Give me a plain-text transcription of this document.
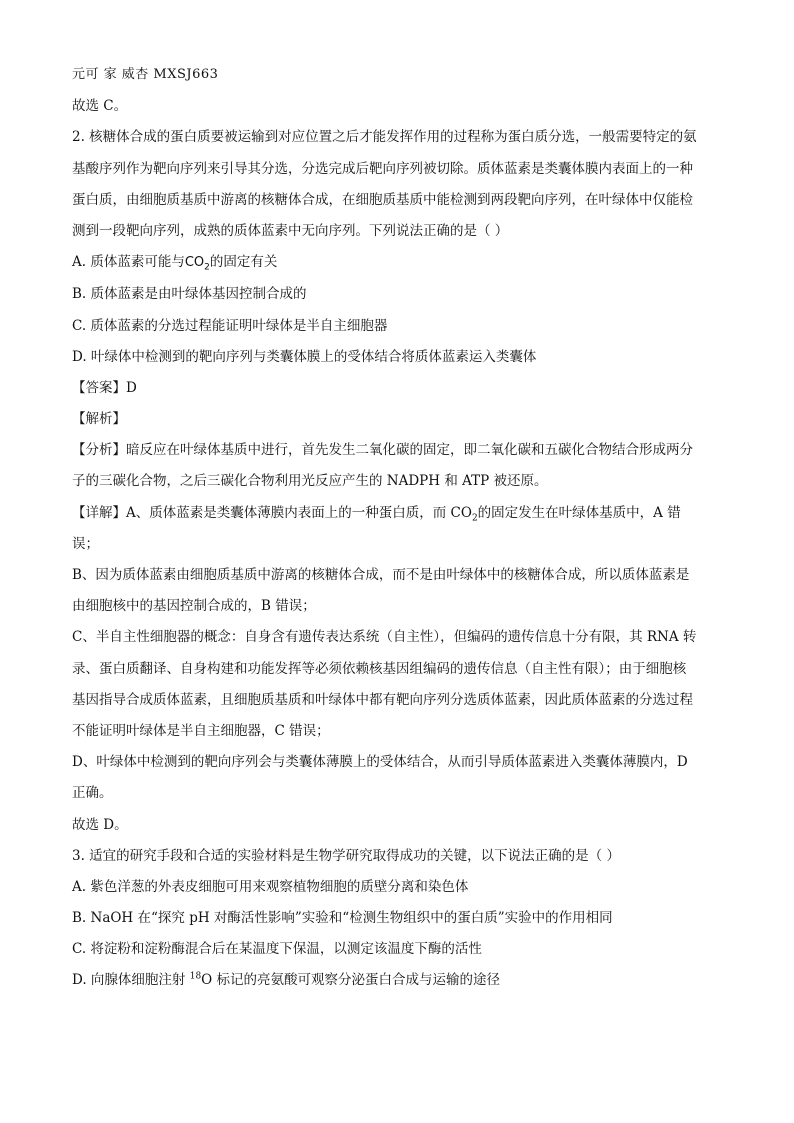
元可 家 威杏 MXSJ663
故选 C。
2. 核糖体合成的蛋白质要被运输到对应位置之后才能发挥作用的过程称为蛋白质分选，一般需要特定的氨
基酸序列作为靶向序列来引导其分选，分选完成后靶向序列被切除。质体蓝素是类囊体膜内表面上的一种
蛋白质，由细胞质基质中游离的核糖体合成，在细胞质基质中能检测到两段靶向序列，在叶绿体中仅能检
测到一段靶向序列，成熟的质体蓝素中无向序列。下列说法正确的是（ ）
A. 质体蓝素可能与$CO_2$的固定有关
B. 质体蓝素是由叶绿体基因控制合成的
C. 质体蓝素的分选过程能证明叶绿体是半自主细胞器
D. 叶绿体中检测到的靶向序列与类囊体膜上的受体结合将质体蓝素运入类囊体
【答案】D
【解析】
【分析】暗反应在叶绿体基质中进行，首先发生二氧化碳的固定，即二氧化碳和五碳化合物结合形成两分
子的三碳化合物，之后三碳化合物利用光反应产生的 NADPH 和 ATP 被还原。
【详解】A、质体蓝素是类囊体薄膜内表面上的一种蛋白质，而 $CO_2$的固定发生在叶绿体基质中，A 错
误；
B、因为质体蓝素由细胞质基质中游离的核糖体合成，而不是由叶绿体中的核糖体合成，所以质体蓝素是
由细胞核中的基因控制合成的，B 错误；
C、半自主性细胞器的概念：自身含有遗传表达系统（自主性），但编码的遗传信息十分有限，其 RNA 转
录、蛋白质翻译、自身构建和功能发挥等必须依赖核基因组编码的遗传信息（自主性有限）；由于细胞核
基因指导合成质体蓝素，且细胞质基质和叶绿体中都有靶向序列分选质体蓝素，因此质体蓝素的分选过程
不能证明叶绿体是半自主细胞器，C 错误；
D、叶绿体中检测到的靶向序列会与类囊体薄膜上的受体结合，从而引导质体蓝素进入类囊体薄膜内，D
正确。
故选 D。
3. 适宜的研究手段和合适的实验材料是生物学研究取得成功的关键，以下说法正确的是（ ）
A. 紫色洋葱的外表皮细胞可用来观察植物细胞的质壁分离和染色体
B. NaOH 在“探究 pH 对酶活性影响”实验和“检测生物组织中的蛋白质”实验中的作用相同
C. 将淀粉和淀粉酶混合后在某温度下保温，以测定该温度下酶的活性
D. 向腺体细胞注射 $^{18}$O 标记的亮氨酸可观察分泌蛋白合成与运输的途径
